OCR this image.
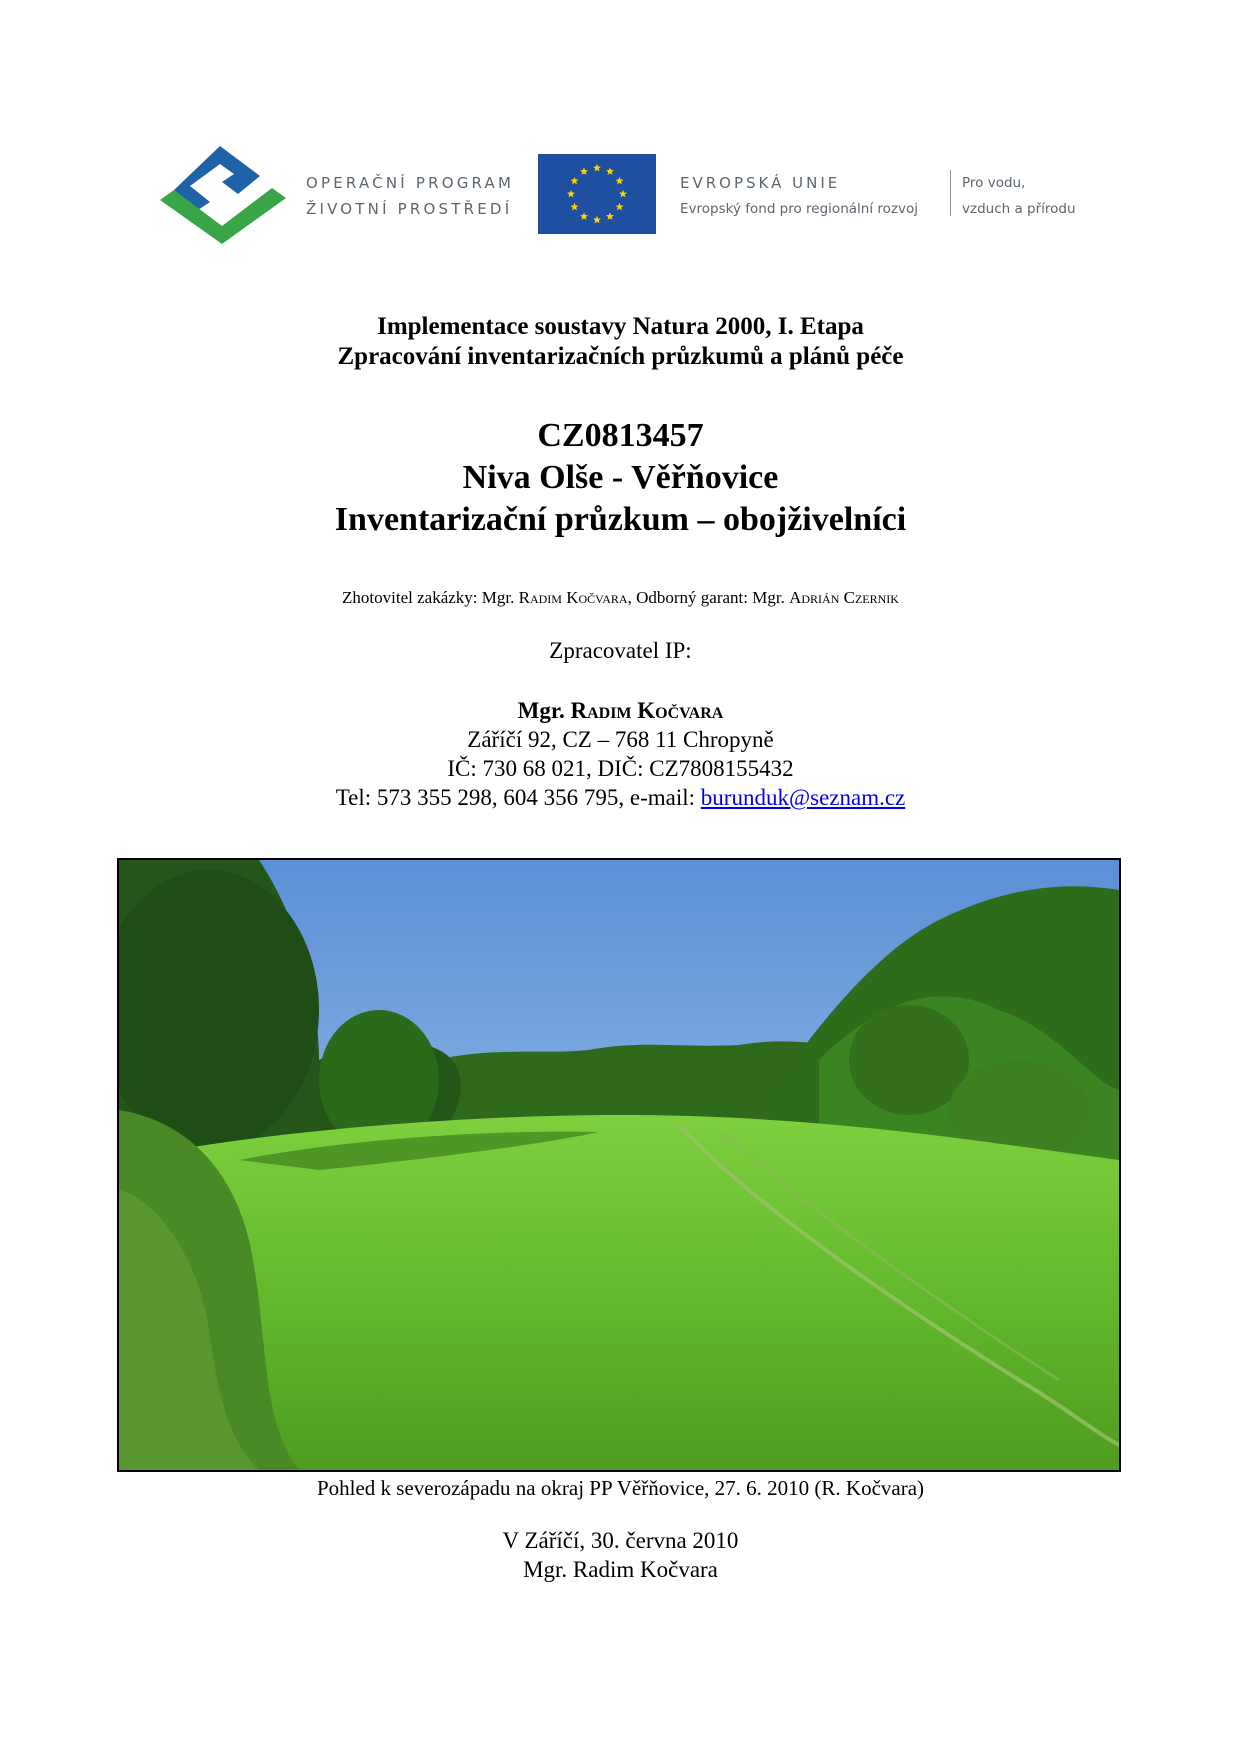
OPERAČNÍ PROGRAM
ŽIVOTNÍ PROSTŘEDÍ
EVROPSKÁ UNIE
Evropský fond pro regionální rozvoj
Pro vodu,
vzduch a přírodu
Implementace soustavy Natura 2000, I. Etapa
Zpracování inventarizačních průzkumů a plánů péče
CZ0813457
Niva Olše - Věřňovice
Inventarizační průzkum – obojživelníci
Zhotovitel zakázky: Mgr. Radim Kočvara, Odborný garant: Mgr. Adrián Czernik
Zpracovatel IP:
Mgr. Radim Kočvara
Záříčí 92, CZ – 768 11 Chropyně
IČ: 730 68 021, DIČ: CZ7808155432
Tel: 573 355 298, 604 356 795, e-mail: burunduk@seznam.cz
Pohled k severozápadu na okraj PP Věřňovice, 27. 6. 2010 (R. Kočvara)
V Záříčí, 30. června 2010
Mgr. Radim Kočvara
